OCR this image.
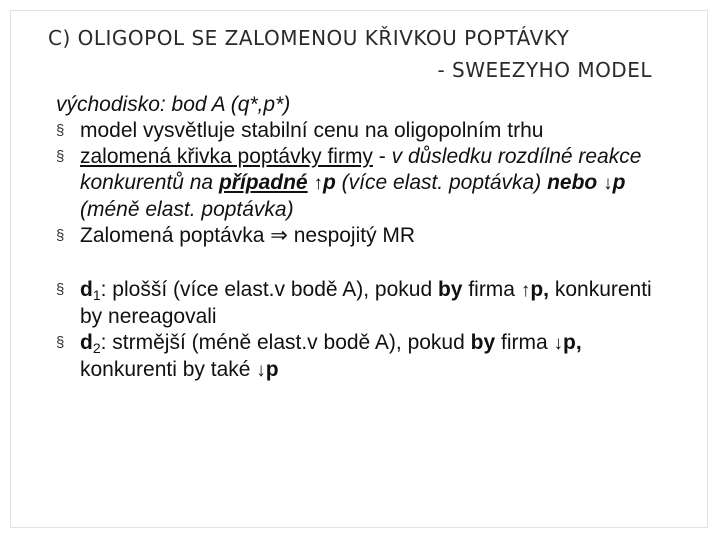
C) OLIGOPOL SE ZALOMENOU KŘIVKOU POPTÁVKY
- SWEEZYHO MODEL
východisko: bod A (q*,p*)
§ model vysvětluje stabilní cenu na oligopolním trhu
§ zalomená křivka poptávky firmy - v důsledku rozdílné reakce konkurentů na případné ↑p (více elast. poptávka) nebo ↓p (méně elast. poptávka)
§ Zalomená poptávka ⇒ nespojitý MR
§ $d_1$: plošší (více elast.v bodě A), pokud by firma ↑p, konkurenti by nereagovali
§ $d_2$: strmější (méně elast.v bodě A), pokud by firma ↓p, konkurenti by také ↓p
